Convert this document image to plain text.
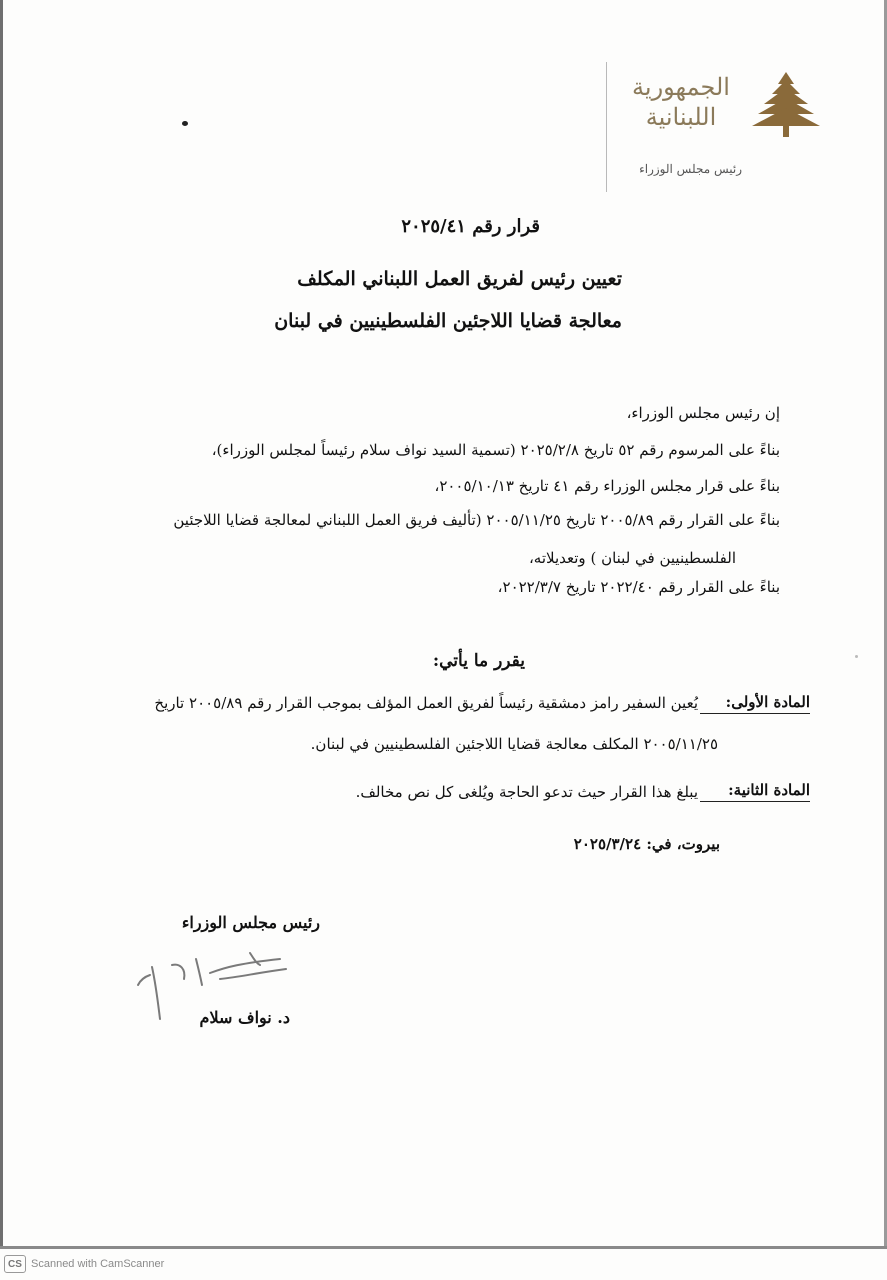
الجمهورية
اللبنانية
رئيس مجلس الوزراء
قرار رقم ٢٠٢٥/٤١
تعيين رئيس لفريق العمل اللبناني المكلف
معالجة قضايا اللاجئين الفلسطينيين في لبنان
إن رئيس مجلس الوزراء،
بناءً على المرسوم رقم ٥٢ تاريخ ٢٠٢٥/٢/٨ (تسمية السيد نواف سلام رئيساً لمجلس الوزراء)،
بناءً على قرار مجلس الوزراء رقم ٤١ تاريخ ٢٠٠٥/١٠/١٣،
بناءً على القرار رقم ٢٠٠٥/٨٩ تاريخ ٢٠٠٥/١١/٢٥ (تأليف فريق العمل اللبناني لمعالجة قضايا اللاجئين
الفلسطينيين في لبنان ) وتعديلاته،
بناءً على القرار رقم ٢٠٢٢/٤٠ تاريخ ٢٠٢٢/٣/٧،
يقرر ما يأتي:
المادة الأولى:
يُعين السفير رامز دمشقية رئيساً لفريق العمل المؤلف بموجب القرار رقم ٢٠٠٥/٨٩ تاريخ
٢٠٠٥/١١/٢٥ المكلف معالجة قضايا اللاجئين الفلسطينيين في لبنان.
المادة الثانية:
يبلغ هذا القرار حيث تدعو الحاجة ويُلغى كل نص مخالف.
بيروت، في: ٢٠٢٥/٣/٢٤
رئيس مجلس الوزراء
د. نواف سلام
CS Scanned with CamScanner
